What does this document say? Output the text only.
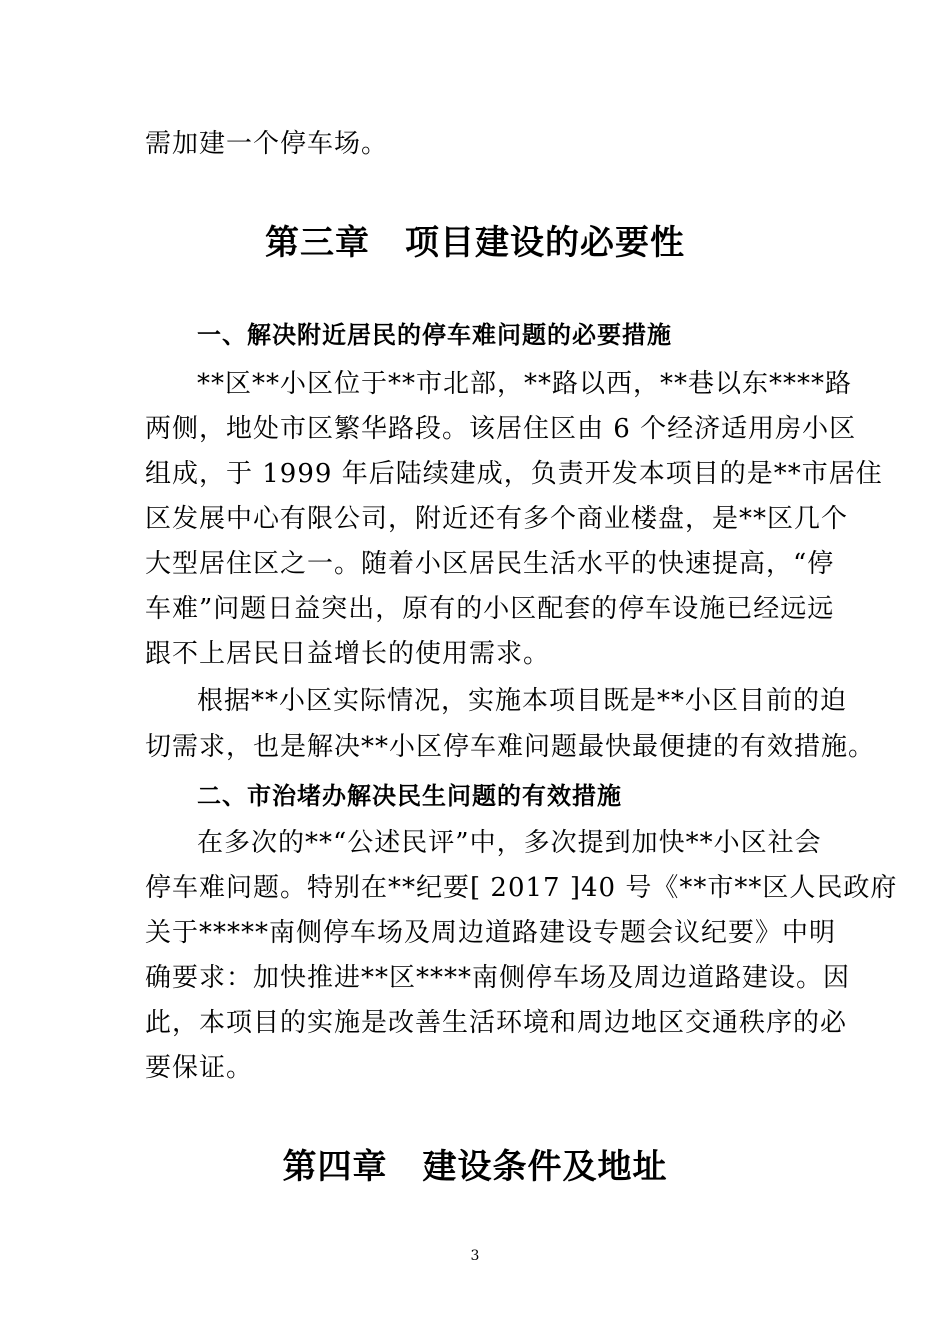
需加建一个停车场。
第三章　项目建设的必要性
一、解决附近居民的停车难问题的必要措施
**区**小区位于**市北部，**路以西，**巷以东****路
两侧，地处市区繁华路段。该居住区由 6 个经济适用房小区
组成，于 1999 年后陆续建成，负责开发本项目的是**市居住
区发展中心有限公司，附近还有多个商业楼盘，是**区几个
大型居住区之一。随着小区居民生活水平的快速提高，“停
车难”问题日益突出，原有的小区配套的停车设施已经远远
跟不上居民日益增长的使用需求。
根据**小区实际情况，实施本项目既是**小区目前的迫
切需求，也是解决**小区停车难问题最快最便捷的有效措施。
二、市治堵办解决民生问题的有效措施
在多次的**“公述民评”中，多次提到加快**小区社会
停车难问题。特别在**纪要[ 2017 ]40 号《**市**区人民政府
关于*****南侧停车场及周边道路建设专题会议纪要》中明
确要求：加快推进**区****南侧停车场及周边道路建设。因
此，本项目的实施是改善生活环境和周边地区交通秩序的必
要保证。
第四章　建设条件及地址
3
